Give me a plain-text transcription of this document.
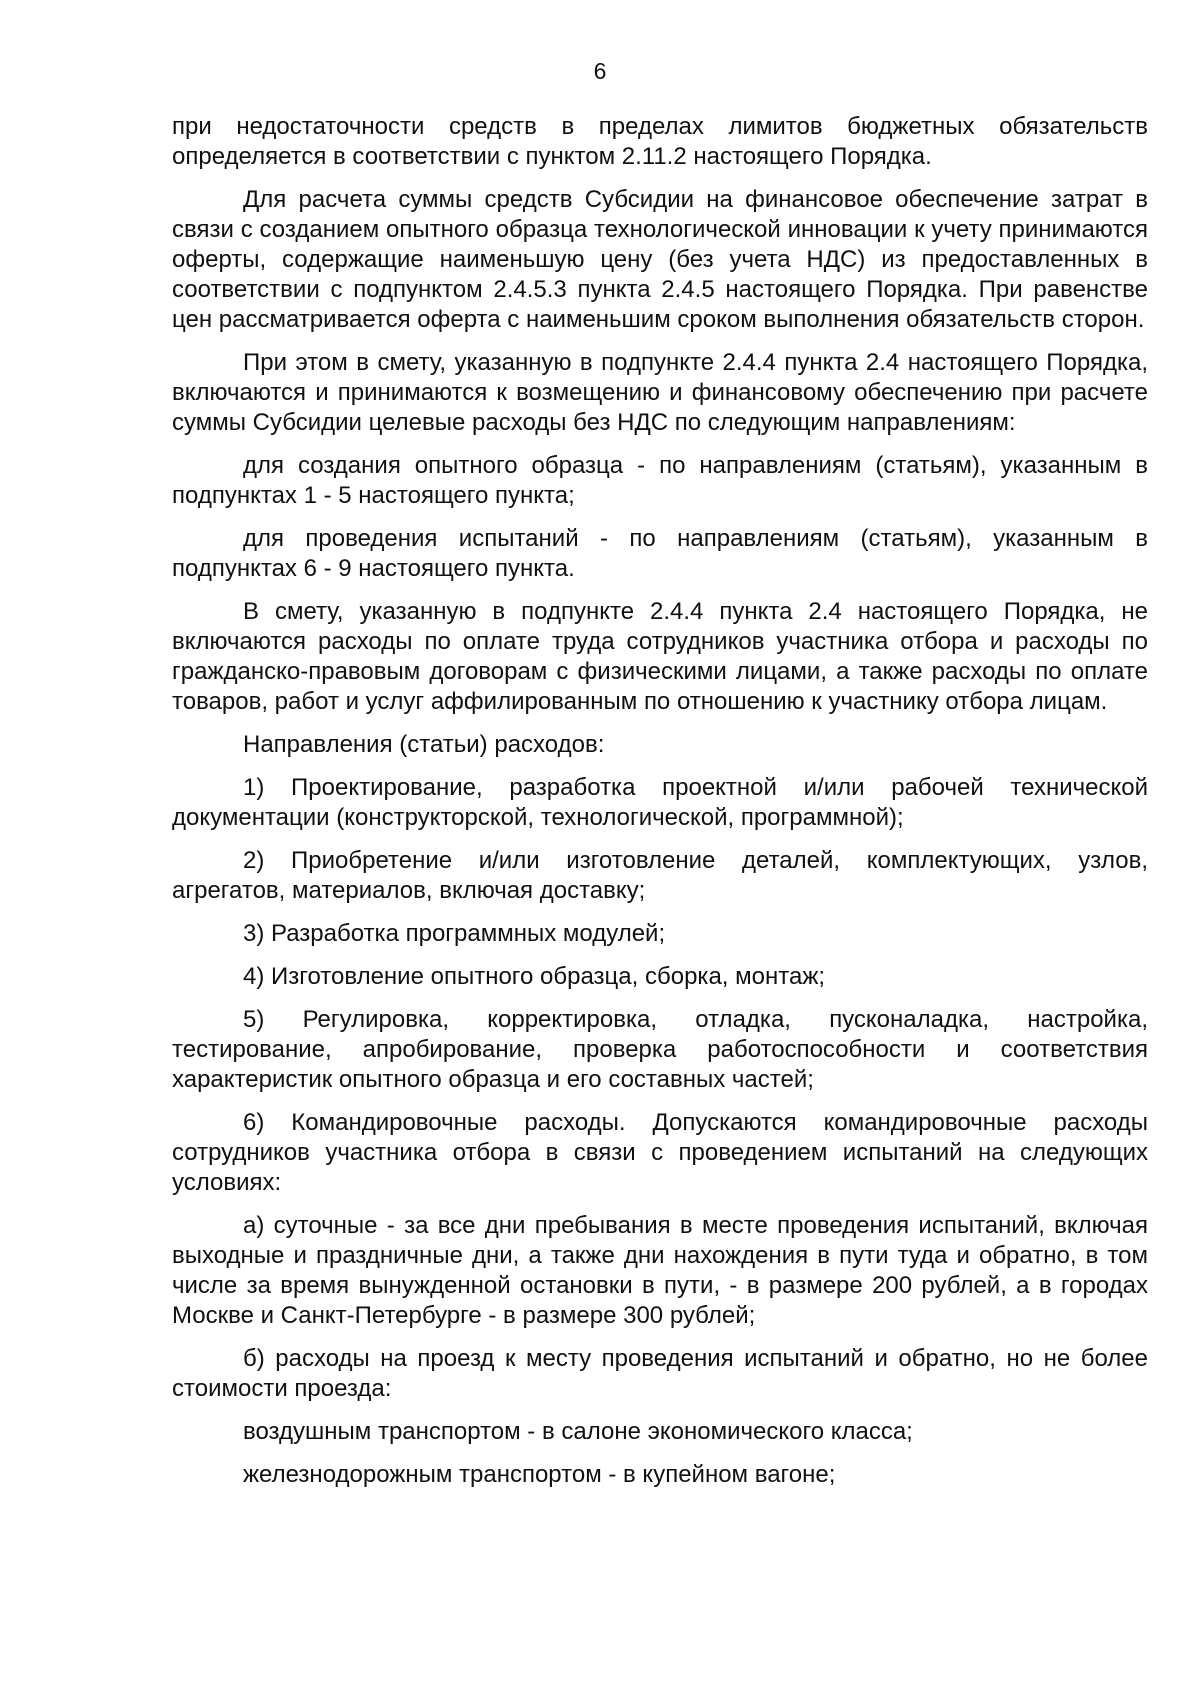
6

при недостаточности средств в пределах лимитов бюджетных обязательств определяется в соответствии с пунктом 2.11.2 настоящего Порядка.

Для расчета суммы средств Субсидии на финансовое обеспечение затрат в связи с созданием опытного образца технологической инновации к учету принимаются оферты, содержащие наименьшую цену (без учета НДС) из предоставленных в соответствии с подпунктом 2.4.5.3 пункта 2.4.5 настоящего Порядка. При равенстве цен рассматривается оферта с наименьшим сроком выполнения обязательств сторон.

При этом в смету, указанную в подпункте 2.4.4 пункта 2.4 настоящего Порядка, включаются и принимаются к возмещению и финансовому обеспечению при расчете суммы Субсидии целевые расходы без НДС по следующим направлениям:

для создания опытного образца - по направлениям (статьям), указанным в подпунктах 1 - 5 настоящего пункта;

для проведения испытаний - по направлениям (статьям), указанным в подпунктах 6 - 9 настоящего пункта.

В смету, указанную в подпункте 2.4.4 пункта 2.4 настоящего Порядка, не включаются расходы по оплате труда сотрудников участника отбора и расходы по гражданско-правовым договорам с физическими лицами, а также расходы по оплате товаров, работ и услуг аффилированным по отношению к участнику отбора лицам.

Направления (статьи) расходов:

1) Проектирование, разработка проектной и/или рабочей технической документации (конструкторской, технологической, программной);

2) Приобретение и/или изготовление деталей, комплектующих, узлов, агрегатов, материалов, включая доставку;

3) Разработка программных модулей;

4) Изготовление опытного образца, сборка, монтаж;

5) Регулировка, корректировка, отладка, пусконаладка, настройка, тестирование, апробирование, проверка работоспособности и соответствия характеристик опытного образца и его составных частей;

6) Командировочные расходы. Допускаются командировочные расходы сотрудников участника отбора в связи с проведением испытаний на следующих условиях:

а) суточные - за все дни пребывания в месте проведения испытаний, включая выходные и праздничные дни, а также дни нахождения в пути туда и обратно, в том числе за время вынужденной остановки в пути, - в размере 200 рублей, а в городах Москве и Санкт-Петербурге - в размере 300 рублей;

б) расходы на проезд к месту проведения испытаний и обратно, но не более стоимости проезда:

воздушным транспортом - в салоне экономического класса;

железнодорожным транспортом - в купейном вагоне;
